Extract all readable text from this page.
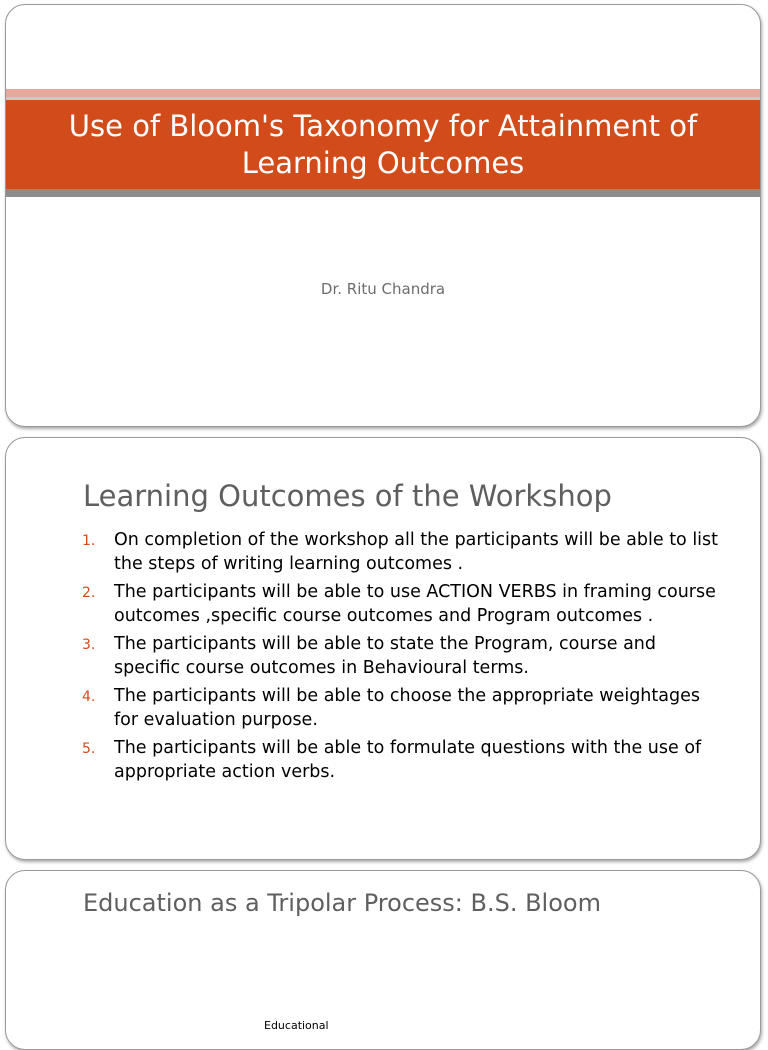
Use of Bloom's Taxonomy for Attainment of Learning Outcomes
Dr. Ritu Chandra
Learning Outcomes of the Workshop
1. On completion of the workshop all the participants will be able to list the steps of writing learning outcomes .
2. The participants will be able to use ACTION VERBS in framing course outcomes ,specific course outcomes and Program outcomes .
3. The participants will be able to state the Program, course and specific course outcomes in Behavioural terms.
4. The participants will be able to choose the appropriate weightages for evaluation purpose.
5. The participants will be able to formulate questions with the use of appropriate action verbs.
Education as a Tripolar Process: B.S. Bloom
Educational
